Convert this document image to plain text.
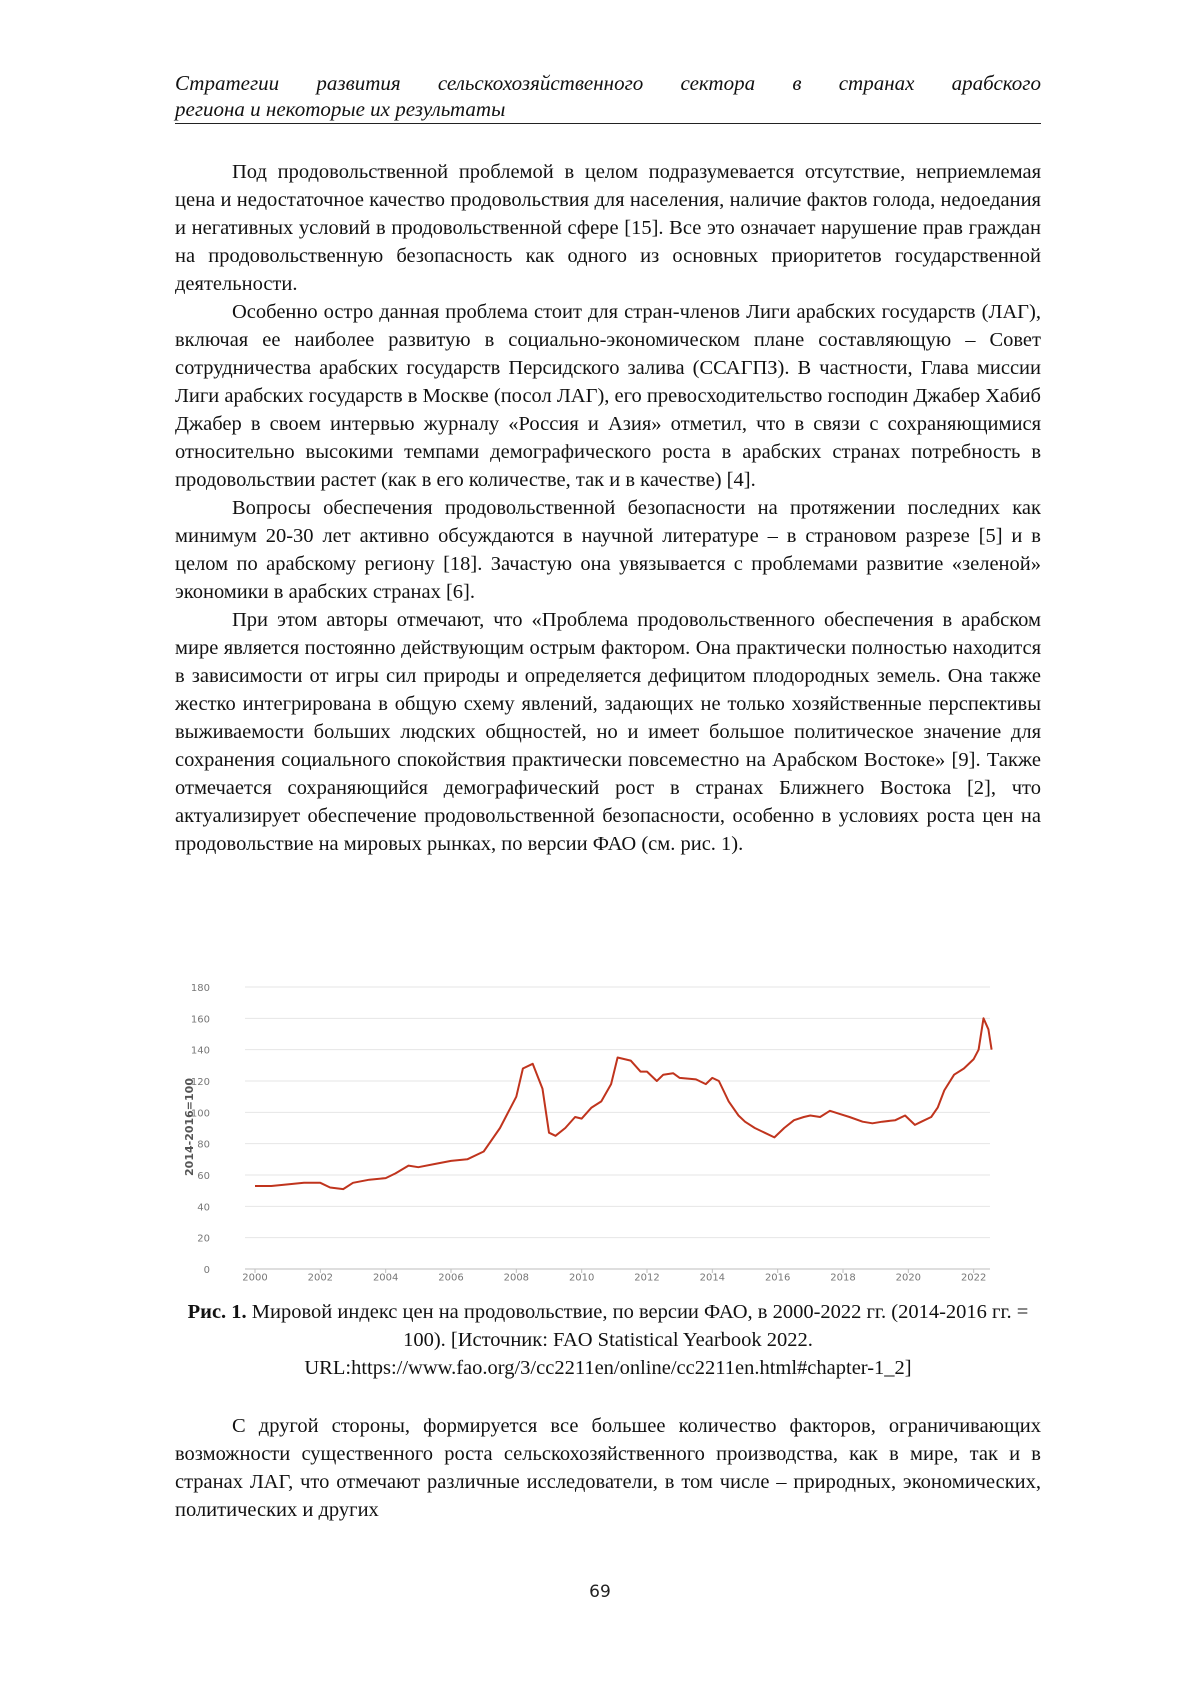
Стратегии развития сельскохозяйственного сектора в странах арабского
региона и некоторые их результаты

Под продовольственной проблемой в целом подразумевается отсутствие, неприемлемая цена и недостаточное качество продовольствия для населения, наличие фактов голода, недоедания и негативных условий в продовольственной сфере [15]. Все это означает нарушение прав граждан на продовольственную безопасность как одного из основных приоритетов государственной деятельности.

Особенно остро данная проблема стоит для стран-членов Лиги арабских государств (ЛАГ), включая ее наиболее развитую в социально-экономическом плане составляющую – Совет сотрудничества арабских государств Персидского залива (ССАГПЗ). В частности, Глава миссии Лиги арабских государств в Москве (посол ЛАГ), его превосходительство господин Джабер Хабиб Джабер в своем интервью журналу «Россия и Азия» отметил, что в связи с сохраняющимися относительно высокими темпами демографического роста в арабских странах потребность в продовольствии растет (как в его количестве, так и в качестве) [4].

Вопросы обеспечения продовольственной безопасности на протяжении последних как минимум 20-30 лет активно обсуждаются в научной литературе – в страновом разрезе [5] и в целом по арабскому региону [18]. Зачастую она увязывается с проблемами развитие «зеленой» экономики в арабских странах [6].

При этом авторы отмечают, что «Проблема продовольственного обеспечения в арабском мире является постоянно действующим острым фактором. Она практически полностью находится в зависимости от игры сил природы и определяется дефицитом плодородных земель. Она также жестко интегрирована в общую схему явлений, задающих не только хозяйственные перспективы выживаемости больших людских общностей, но и имеет большое политическое значение для сохранения социального спокойствия практически повсеместно на Арабском Востоке» [9]. Также отмечается сохраняющийся демографический рост в странах Ближнего Востока [2], что актуализирует обеспечение продовольственной безопасности, особенно в условиях роста цен на продовольствие на мировых рынках, по версии ФАО (см. рис. 1).

0
20
40
60
80
100
120
140
160
180
2000	2002	2004	2006	2008	2010	2012	2014	2016	2018	2020	2022
2014-2016=100
Рис. 1. Мировой индекс цен на продовольствие, по версии ФАО, в 2000-2022 гг. (2014-2016 гг. = 100). [Источник: FAO Statistical Yearbook 2022. URL:https://www.fao.org/3/cc2211en/online/cc2211en.html#chapter-1_2]

С другой стороны, формируется все большее количество факторов, ограничивающих возможности существенного роста сельскохозяйственного производства, как в мире, так и в странах ЛАГ, что отмечают различные исследователи, в том числе – природных, экономических, политических и других

69
